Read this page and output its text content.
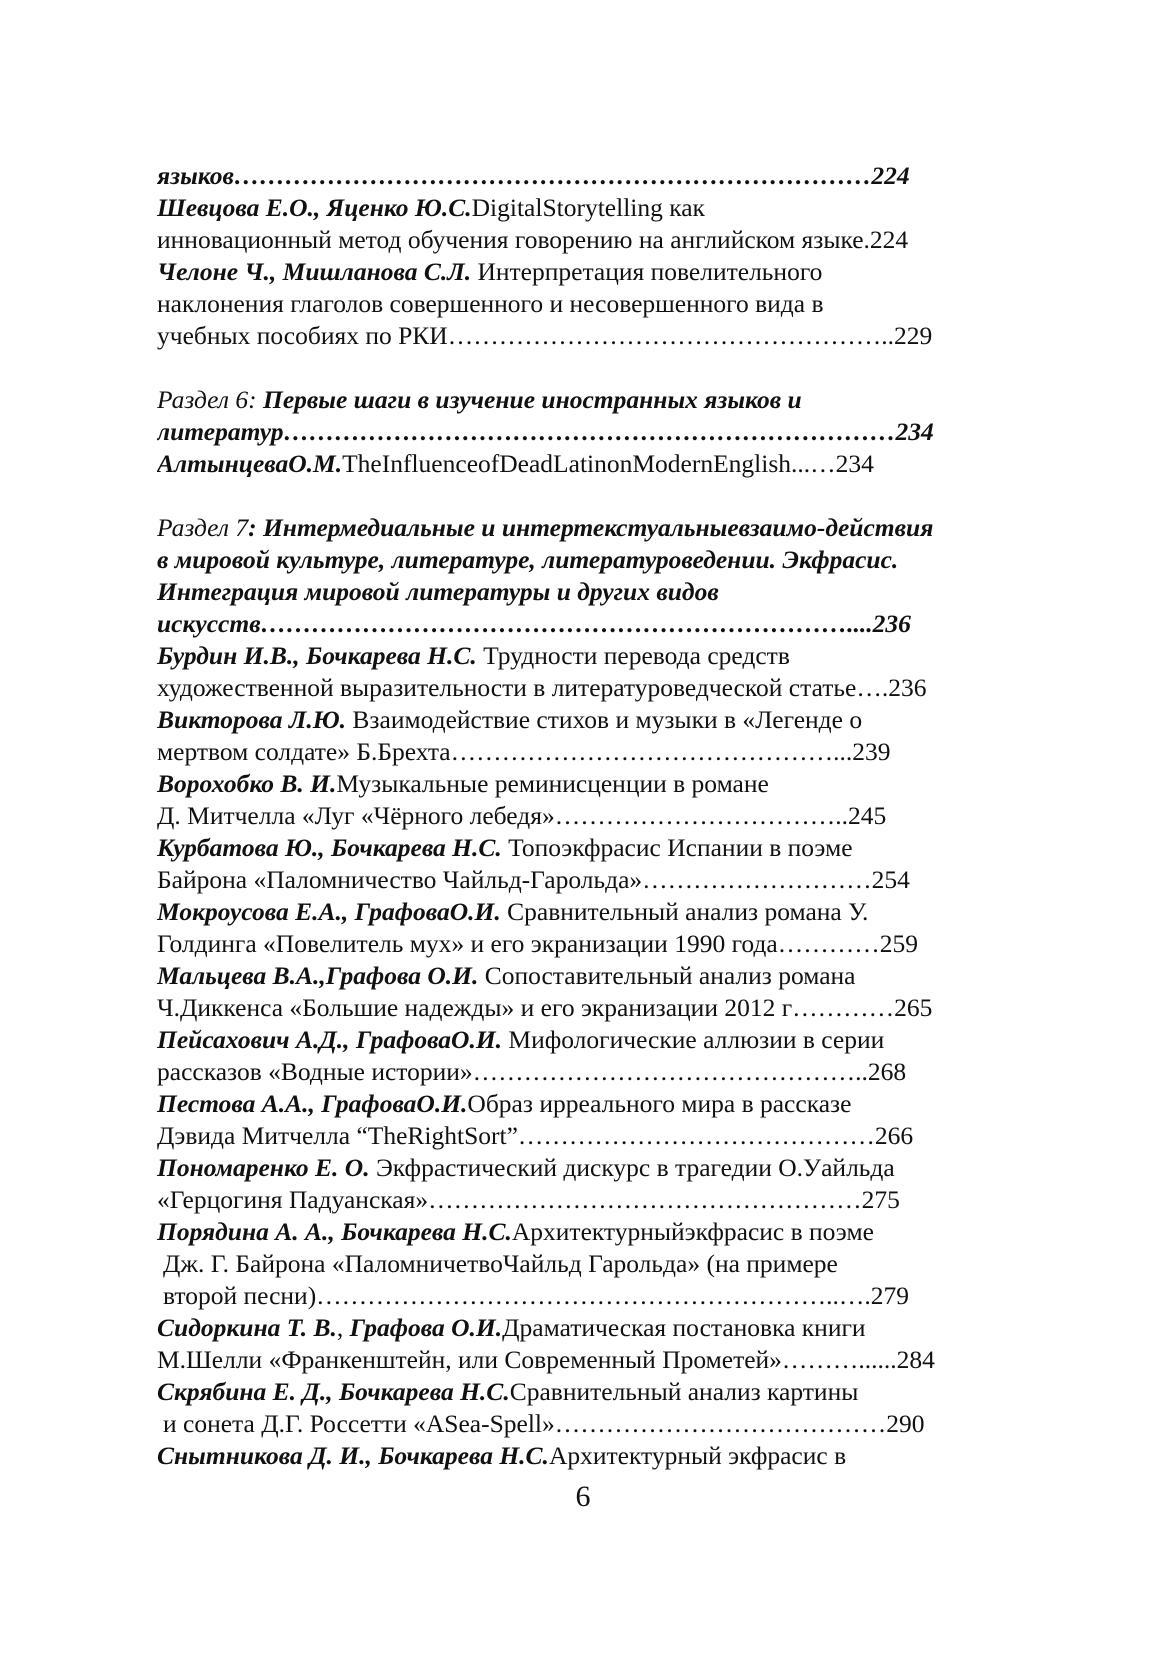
языков…………………………………………………………………224
Шевцова Е.О., Яценко Ю.С.DigitalStorytelling как
инновационный метод обучения говорению на английском языке.224
Челоне Ч., Мишланова С.Л. Интерпретация повелительного
наклонения глаголов совершенного и несовершенного вида в
учебных пособиях по РКИ……………………………………………..229
Раздел 6: Первые шаги в изучение иностранных языков и
литератур………………………………………………………………234
АлтынцеваО.М.TheInfluenceofDeadLatinonModernEnglish...…234
Раздел 7: Интермедиальные и интертекстуальныевзаимо-действия
в мировой культуре, литературе, литературоведении. Экфрасис.
Интеграция мировой литературы и других видов
искусств……………………………………………………………....236
Бурдин И.В., Бочкарева Н.С. Трудности перевода средств
художественной выразительности в литературоведческой статье….236
Викторова Л.Ю. Взаимодействие стихов и музыки в «Легенде о
мертвом солдате» Б.Брехта………………………………………...239
Ворохобко В. И.Музыкальные реминисценции в романе
Д. Митчелла «Луг «Чёрного лебедя»……………………………..245
Курбатова Ю., Бочкарева Н.С. Топоэкфрасис Испании в поэме
Байрона «Паломничество Чайльд-Гарольда»………………………254
Мокроусова Е.А., ГрафоваО.И. Сравнительный анализ романа У.
Голдинга «Повелитель мух» и его экранизации 1990 года…………259
Мальцева В.А.,Графова О.И. Сопоставительный анализ романа
Ч.Диккенса «Большие надежды» и его экранизации 2012 г…………265
Пейсахович А.Д., ГрафоваО.И. Мифологические аллюзии в серии
рассказов «Водные истории»………………………………………..268
Пестова А.А., ГрафоваО.И.Образ ирреального мира в рассказе
Дэвида Митчелла “TheRightSort”……………………………………266
Пономаренко Е. О. Экфрастический дискурс в трагедии О.Уайльда
«Герцогиня Падуанская»……………………………………………275
Порядина А. А., Бочкарева Н.С.Архитектурныйэкфрасис в поэме
Дж. Г. Байрона «ПаломничетвоЧайльд Гарольда» (на примере
второй песни)……………………………………………………..….279
Сидоркина Т. В., Графова О.И.Драматическая постановка книги
М.Шелли «Франкенштейн, или Современный Прометей»………......284
Скрябина Е. Д., Бочкарева Н.С.Сравнительный анализ картины
и сонета Д.Г. Россетти «ASea-Spell»…………………………………290
Снытникова Д. И., Бочкарева Н.С.Архитектурный экфрасис в
6
